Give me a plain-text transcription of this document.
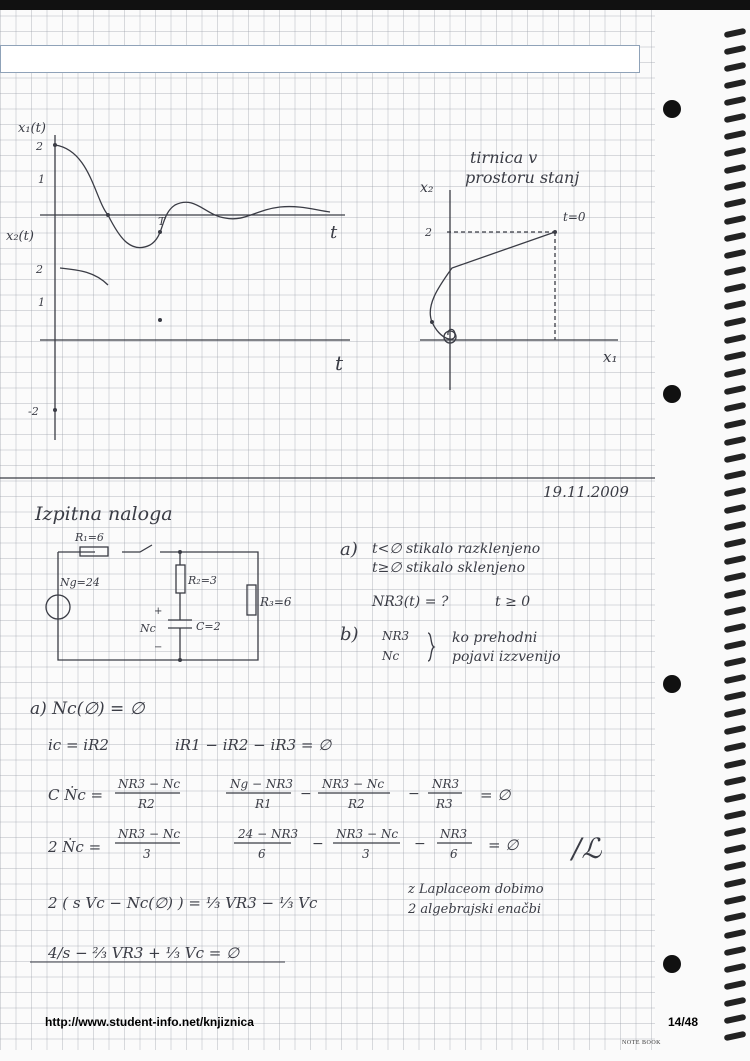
x₁(t)
x₂(t)
2
1
2
1
-2
T
t
t
tirnica v
prostoru stanj
x₂
x₁
2
t=0
19.11.2009
Izpitna naloga
R₁=6
Ng=24	R₂=3
R₃=6
Nc	C=2
+
−
a) t<∅ stikalo razklenjeno
t≥∅ stikalo sklenjeno
NR3(t) = ?	t ≥ 0
b) NR3
Nc
ko prehodni
pojavi izzvenijo
a) Nc(∅) = ∅
ic = iR2	iR1 − iR2 − iR3 = ∅
C Ṅc =
NR3 − Nc
R2
Ng − NR3
R1
−
NR3 − Nc
R2
−
NR3
R3 = ∅
2 Ṅc =
NR3 − Nc
3
24 − NR3
6
−
NR3 − Nc
3
−
NR3
6 = ∅ /ℒ
2 ( s Vc − Nc(∅) ) = ⅓ VR3 − ⅓ Vc
z Laplaceom dobimo
2 algebrajski enačbi
4/s − ⅔ VR3 + ⅓ Vc = ∅
http://www.student-info.net/knjiznica	14/48
NOTE BOOK
